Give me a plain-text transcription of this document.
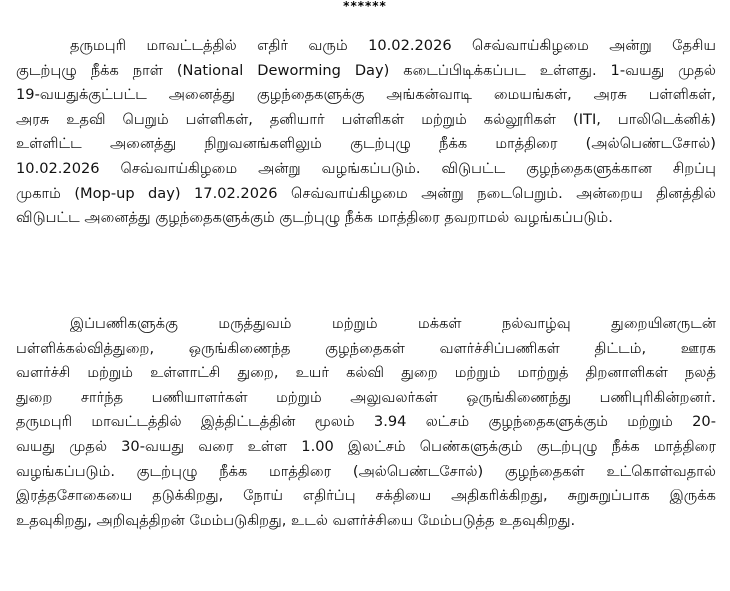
******
தருமபுரி மாவட்டத்தில் எதிர் வரும் 10.02.2026 செவ்வாய்கிழமை அன்று தேசிய
குடற்புழு நீக்க நாள் (National Deworming Day) கடைப்பிடிக்கப்பட உள்ளது. 1-வயது முதல்
19-வயதுக்குட்பட்ட அனைத்து குழந்தைகளுக்கு அங்கன்வாடி மையங்கள், அரசு பள்ளிகள்,
அரசு உதவி பெறும் பள்ளிகள், தனியார் பள்ளிகள் மற்றும் கல்லூரிகள் (ITI, பாலிடெக்னிக்)
உள்ளிட்ட அனைத்து நிறுவனங்களிலும் குடற்புழு நீக்க மாத்திரை (அல்பெண்டசோல்)
10.02.2026 செவ்வாய்கிழமை அன்று வழங்கப்படும். விடுபட்ட குழந்தைகளுக்கான சிறப்பு
முகாம் (Mop-up day) 17.02.2026 செவ்வாய்கிழமை அன்று நடைபெறும். அன்றைய தினத்தில்
விடுபட்ட அனைத்து குழந்தைகளுக்கும் குடற்புழு நீக்க மாத்திரை தவறாமல் வழங்கப்படும்.
இப்பணிகளுக்கு மருத்துவம் மற்றும் மக்கள் நல்வாழ்வு துறையினருடன்
பள்ளிக்கல்வித்துறை, ஒருங்கிணைந்த குழந்தைகள் வளர்ச்சிப்பணிகள் திட்டம், ஊரக
வளர்ச்சி மற்றும் உள்ளாட்சி துறை, உயர் கல்வி துறை மற்றும் மாற்றுத் திறனாளிகள் நலத்
துறை சார்ந்த பணியாளர்கள் மற்றும் அலுவலர்கள் ஒருங்கிணைந்து பணிபுரிகின்றனர்.
தருமபுரி மாவட்டத்தில் இத்திட்டத்தின் மூலம் 3.94 லட்சம் குழந்தைகளுக்கும் மற்றும் 20-
வயது முதல் 30-வயது வரை உள்ள 1.00 இலட்சம் பெண்களுக்கும் குடற்புழு நீக்க மாத்திரை
வழங்கப்படும். குடற்புழு நீக்க மாத்திரை (அல்பெண்டசோல்) குழந்தைகள் உட்கொள்வதால்
இரத்தசோகையை தடுக்கிறது, நோய் எதிர்ப்பு சக்தியை அதிகரிக்கிறது, சுறுசுறுப்பாக இருக்க
உதவுகிறது, அறிவுத்திறன் மேம்படுகிறது, உடல் வளர்ச்சியை மேம்படுத்த உதவுகிறது.
